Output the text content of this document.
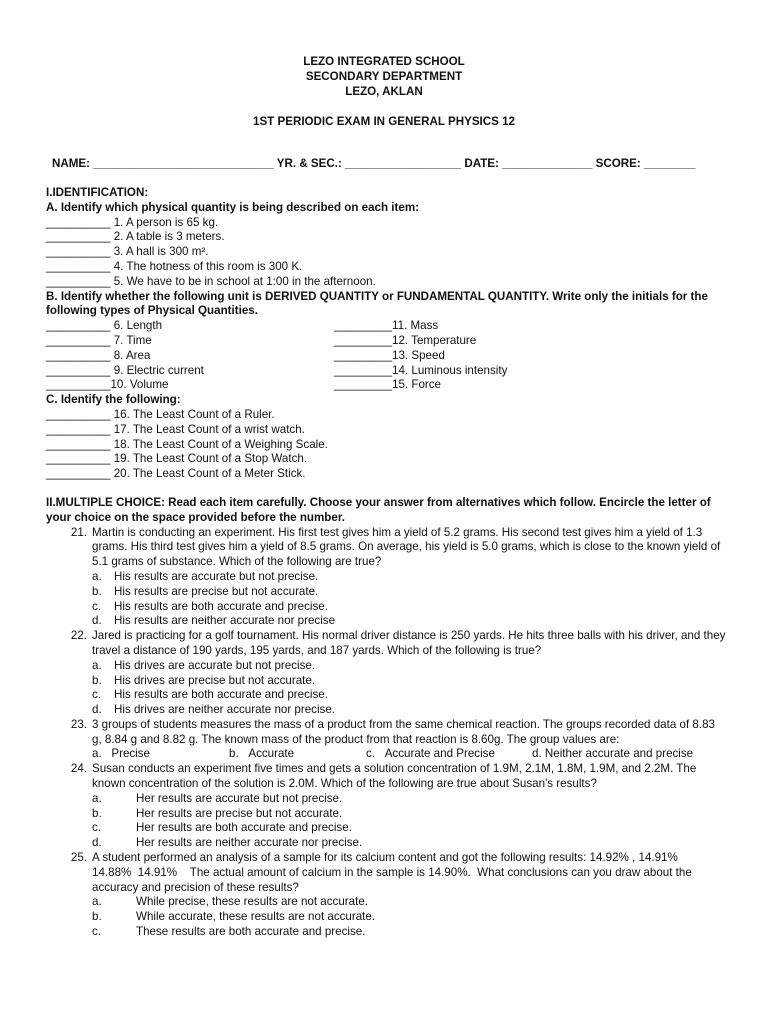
LEZO INTEGRATED SCHOOL
SECONDARY DEPARTMENT
LEZO, AKLAN
1ST PERIODIC EXAM IN GENERAL PHYSICS 12
NAME: ____________________________ YR. & SEC.: __________________ DATE: ______________ SCORE: ________
I.IDENTIFICATION:
A. Identify which physical quantity is being described on each item:
__________ 1. A person is 65 kg.
__________ 2. A table is 3 meters.
__________ 3. A hall is 300 m².
__________ 4. The hotness of this room is 300 K.
__________ 5. We have to be in school at 1:00 in the afternoon.
B. Identify whether the following unit is DERIVED QUANTITY or FUNDAMENTAL QUANTITY. Write only the initials for the following types of Physical Quantities.
__________ 6. Length
__________ 7. Time
__________ 8. Area
__________ 9. Electric current
__________10. Volume
_________11. Mass
_________12. Temperature
_________13. Speed
_________14. Luminous intensity
_________15. Force
C. Identify the following:
__________ 16. The Least Count of a Ruler.
__________ 17. The Least Count of a wrist watch.
__________ 18. The Least Count of a Weighing Scale.
__________ 19. The Least Count of a Stop Watch.
__________ 20. The Least Count of a Meter Stick.
II.MULTIPLE CHOICE: Read each item carefully. Choose your answer from alternatives which follow. Encircle the letter of your choice on the space provided before the number.
21. Martin is conducting an experiment. His first test gives him a yield of 5.2 grams. His second test gives him a yield of 1.3 grams. His third test gives him a yield of 8.5 grams. On average, his yield is 5.0 grams, which is close to the known yield of 5.1 grams of substance. Which of the following are true?
a.	His results are accurate but not precise.
b.	His results are precise but not accurate.
c.	His results are both accurate and precise.
d.	His results are neither accurate nor precise
22. Jared is practicing for a golf tournament. His normal driver distance is 250 yards. He hits three balls with his driver, and they travel a distance of 190 yards, 195 yards, and 187 yards. Which of the following is true?
a.	His drives are accurate but not precise.
b.	His drives are precise but not accurate.
c.	His results are both accurate and precise.
d.	His drives are neither accurate nor precise.
23. 3 groups of students measures the mass of a product from the same chemical reaction. The groups recorded data of 8.83 g, 8.84 g and 8.82 g. The known mass of the product from that reaction is 8.60g. The group values are:
a. Precise	b. Accurate	c. Accurate and Precise	d. Neither accurate and precise
24. Susan conducts an experiment five times and gets a solution concentration of 1.9M, 2.1M, 1.8M, 1.9M, and 2.2M. The known concentration of the solution is 2.0M. Which of the following are true about Susan's results?
a.	Her results are accurate but not precise.
b.	Her results are precise but not accurate.
c.	Her results are both accurate and precise.
d.	Her results are neither accurate nor precise.
25. A student performed an analysis of a sample for its calcium content and got the following results: 14.92% , 14.91%     14.88%  14.91%    The actual amount of calcium in the sample is 14.90%.  What conclusions can you draw about the accuracy and precision of these results?
a.	While precise, these results are not accurate.
b.	While accurate, these results are not accurate.
c.	These results are both accurate and precise.
